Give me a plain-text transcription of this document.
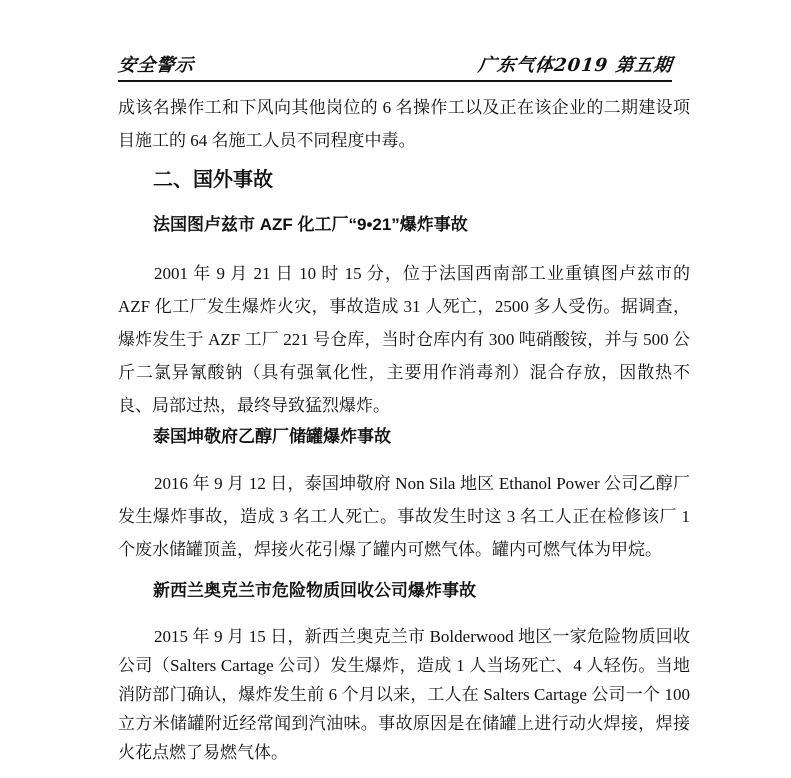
安全警示	广东气体2019 第五期

成该名操作工和下风向其他岗位的 6 名操作工以及正在该企业的二期建设项目施工的 64 名施工人员不同程度中毒。

二、国外事故
法国图卢兹市 AZF 化工厂“9•21”爆炸事故

2001 年 9 月 21 日 10 时 15 分，位于法国西南部工业重镇图卢兹市的 AZF 化工厂发生爆炸火灾，事故造成 31 人死亡，2500 多人受伤。据调查，爆炸发生于 AZF 工厂 221 号仓库，当时仓库内有 300 吨硝酸铵，并与 500 公斤二氯异氰酸钠（具有强氧化性，主要用作消毒剂）混合存放，因散热不良、局部过热，最终导致猛烈爆炸。

泰国坤敬府乙醇厂储罐爆炸事故

2016 年 9 月 12 日，泰国坤敬府 Non Sila 地区 Ethanol Power 公司乙醇厂发生爆炸事故，造成 3 名工人死亡。事故发生时这 3 名工人正在检修该厂 1 个废水储罐顶盖，焊接火花引爆了罐内可燃气体。罐内可燃气体为甲烷。

新西兰奥克兰市危险物质回收公司爆炸事故

2015 年 9 月 15 日，新西兰奥克兰市 Bolderwood 地区一家危险物质回收公司（Salters Cartage 公司）发生爆炸，造成 1 人当场死亡、4 人轻伤。当地消防部门确认，爆炸发生前 6 个月以来，工人在 Salters Cartage 公司一个 100 立方米储罐附近经常闻到汽油味。事故原因是在储罐上进行动火焊接，焊接火花点燃了易燃气体。
